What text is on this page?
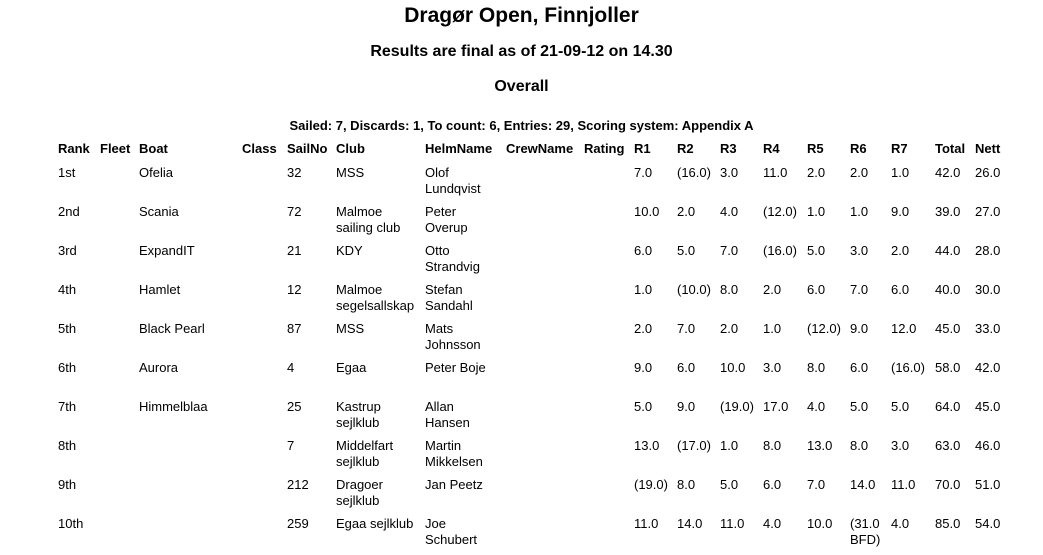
Dragør Open, Finnjoller
Results are final as of 21-09-12 on 14.30
Overall
Sailed: 7, Discards: 1, To count: 6, Entries: 29, Scoring system: Appendix A
Rank	Fleet	Boat	Class	SailNo	Club	HelmName	CrewName	Rating	R1	R2	R3	R4	R5	R6	R7	Total	Nett
1st		Ofelia		32	MSS	Olof Lundqvist			7.0	(16.0)	3.0	11.0	2.0	2.0	1.0	42.0	26.0
2nd		Scania		72	Malmoe sailing club	Peter Overup			10.0	2.0	4.0	(12.0)	1.0	1.0	9.0	39.0	27.0
3rd		ExpandIT		21	KDY	Otto Strandvig			6.0	5.0	7.0	(16.0)	5.0	3.0	2.0	44.0	28.0
4th		Hamlet		12	Malmoe segelsallskap	Stefan Sandahl			1.0	(10.0)	8.0	2.0	6.0	7.0	6.0	40.0	30.0
5th		Black Pearl		87	MSS	Mats Johnsson			2.0	7.0	2.0	1.0	(12.0)	9.0	12.0	45.0	33.0
6th		Aurora		4	Egaa	Peter Boje			9.0	6.0	10.0	3.0	8.0	6.0	(16.0)	58.0	42.0
7th		Himmelblaa		25	Kastrup sejlklub	Allan Hansen			5.0	9.0	(19.0)	17.0	4.0	5.0	5.0	64.0	45.0
8th				7	Middelfart sejlklub	Martin Mikkelsen			13.0	(17.0)	1.0	8.0	13.0	8.0	3.0	63.0	46.0
9th				212	Dragoer sejlklub	Jan Peetz			(19.0)	8.0	5.0	6.0	7.0	14.0	11.0	70.0	51.0
10th				259	Egaa sejlklub	Joe Schubert			11.0	14.0	11.0	4.0	10.0	(31.0 BFD)	4.0	85.0	54.0
